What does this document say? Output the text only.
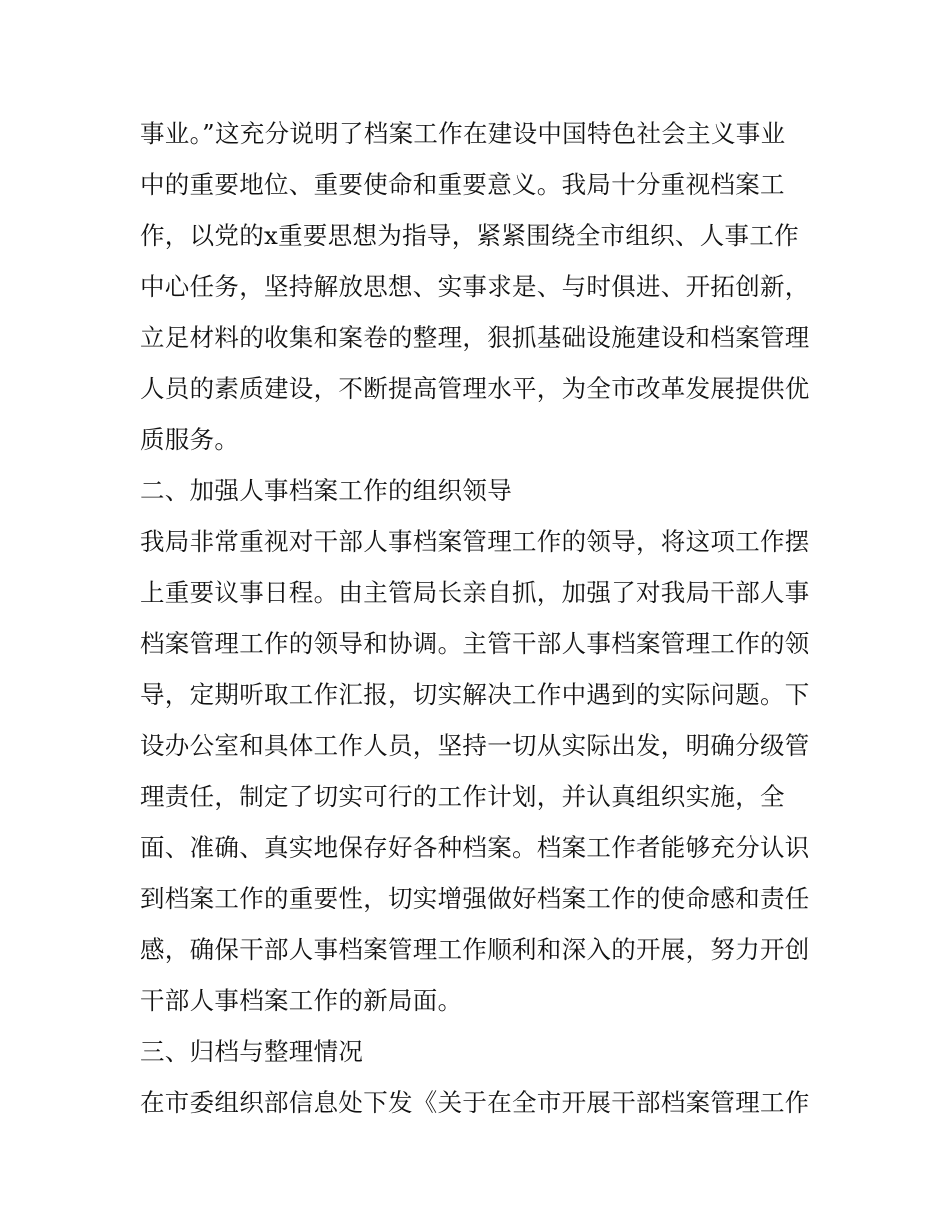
事业。”这充分说明了档案工作在建设中国特色社会主义事业
中的重要地位、重要使命和重要意义。我局十分重视档案工
作，以党的x重要思想为指导，紧紧围绕全市组织、人事工作
中心任务，坚持解放思想、实事求是、与时俱进、开拓创新，
立足材料的收集和案卷的整理，狠抓基础设施建设和档案管理
人员的素质建设，不断提高管理水平，为全市改革发展提供优
质服务。
二、加强人事档案工作的组织领导
我局非常重视对干部人事档案管理工作的领导，将这项工作摆
上重要议事日程。由主管局长亲自抓，加强了对我局干部人事
档案管理工作的领导和协调。主管干部人事档案管理工作的领
导，定期听取工作汇报，切实解决工作中遇到的实际问题。下
设办公室和具体工作人员，坚持一切从实际出发，明确分级管
理责任，制定了切实可行的工作计划，并认真组织实施，全
面、准确、真实地保存好各种档案。档案工作者能够充分认识
到档案工作的重要性，切实增强做好档案工作的使命感和责任
感，确保干部人事档案管理工作顺利和深入的开展，努力开创
干部人事档案工作的新局面。
三、归档与整理情况
在市委组织部信息处下发《关于在全市开展干部档案管理工作
